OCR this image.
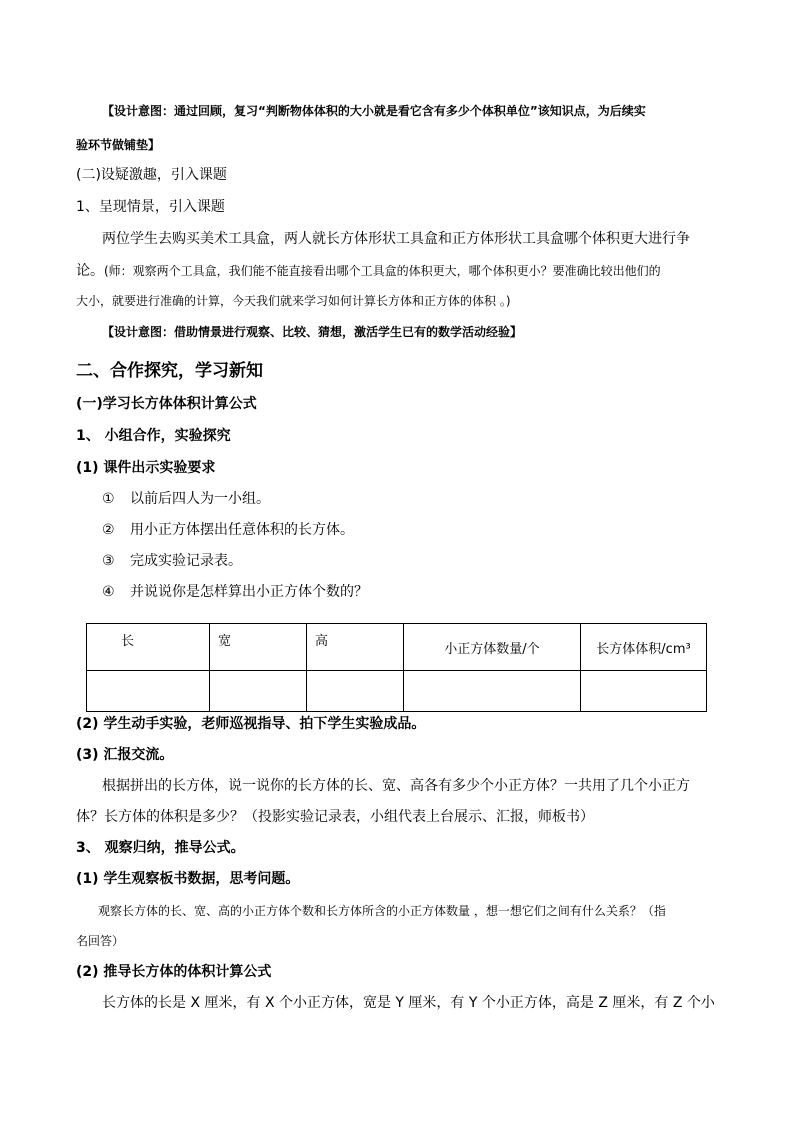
【设计意图：通过回顾，复习“判断物体体积的大小就是看它含有多少个体积单位”该知识点，为后续实
验环节做铺垫】
(二)设疑激趣，引入课题
1、呈现情景，引入课题
两位学生去购买美术工具盒，两人就长方体形状工具盒和正方体形状工具盒哪个体积更大进行争
论。(师：观察两个工具盒，我们能不能直接看出哪个工具盒的体积更大，哪个体积更小？要准确比较出他们的
大小，就要进行准确的计算，今天我们就来学习如何计算长方体和正方体的体积 。)
【设计意图：借助情景进行观察、比较、猜想，激活学生已有的数学活动经验】
二、合作探究，学习新知
(一)学习长方体体积计算公式
1、 小组合作，实验探究
(1) 课件出示实验要求
① 以前后四人为一小组。
② 用小正方体摆出任意体积的长方体。
③ 完成实验记录表。
④ 并说说你是怎样算出小正方体个数的？
长	宽	高	小正方体数量/个	长方体体积/cm³

(2) 学生动手实验，老师巡视指导、拍下学生实验成品。
(3) 汇报交流。
根据拼出的长方体，说一说你的长方体的长、宽、高各有多少个小正方体？一共用了几个小正方
体？长方体的体积是多少？（投影实验记录表，小组代表上台展示、汇报，师板书）
3、 观察归纳，推导公式。
(1) 学生观察板书数据，思考问题。
观察长方体的长、宽、高的小正方体个数和长方体所含的小正方体数量 ，想一想它们之间有什么关系？（指
名回答）
(2) 推导长方体的体积计算公式
长方体的长是 X 厘米，有 X 个小正方体，宽是 Y 厘米，有 Y 个小正方体，高是 Z 厘米，有 Z 个小
